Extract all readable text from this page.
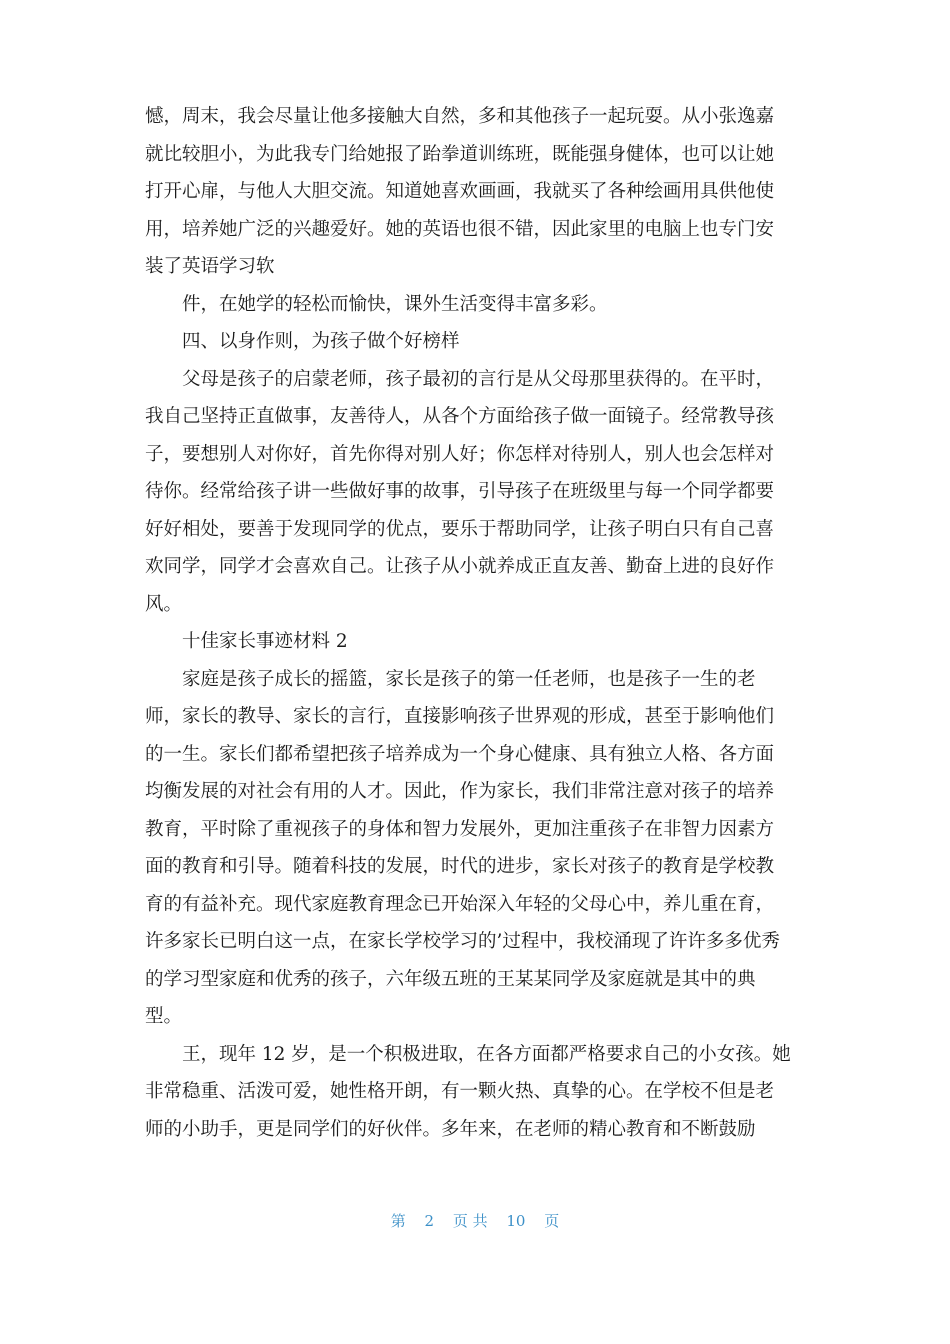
憾，周末，我会尽量让他多接触大自然，多和其他孩子一起玩耍。从小张逸嘉
就比较胆小，为此我专门给她报了跆拳道训练班，既能强身健体，也可以让她
打开心扉，与他人大胆交流。知道她喜欢画画，我就买了各种绘画用具供他使
用，培养她广泛的兴趣爱好。她的英语也很不错，因此家里的电脑上也专门安
装了英语学习软
件，在她学的轻松而愉快，课外生活变得丰富多彩。
四、以身作则，为孩子做个好榜样
父母是孩子的启蒙老师，孩子最初的言行是从父母那里获得的。在平时，
我自己坚持正直做事，友善待人，从各个方面给孩子做一面镜子。经常教导孩
子，要想别人对你好，首先你得对别人好；你怎样对待别人，别人也会怎样对
待你。经常给孩子讲一些做好事的故事，引导孩子在班级里与每一个同学都要
好好相处，要善于发现同学的优点，要乐于帮助同学，让孩子明白只有自己喜
欢同学，同学才会喜欢自己。让孩子从小就养成正直友善、勤奋上进的良好作
风。
十佳家长事迹材料 2
家庭是孩子成长的摇篮，家长是孩子的第一任老师，也是孩子一生的老
师，家长的教导、家长的言行，直接影响孩子世界观的形成，甚至于影响他们
的一生。家长们都希望把孩子培养成为一个身心健康、具有独立人格、各方面
均衡发展的对社会有用的人才。因此，作为家长，我们非常注意对孩子的培养
教育，平时除了重视孩子的身体和智力发展外，更加注重孩子在非智力因素方
面的教育和引导。随着科技的发展，时代的进步，家长对孩子的教育是学校教
育的有益补充。现代家庭教育理念已开始深入年轻的父母心中，养儿重在育，
许多家长已明白这一点，在家长学校学习的’过程中，我校涌现了许许多多优秀
的学习型家庭和优秀的孩子，六年级五班的王某某同学及家庭就是其中的典
型。
王，现年 12 岁，是一个积极进取，在各方面都严格要求自己的小女孩。她
非常稳重、活泼可爱，她性格开朗，有一颗火热、真挚的心。在学校不但是老
师的小助手，更是同学们的好伙伴。多年来，在老师的精心教育和不断鼓励
第 2 页 共 10 页
